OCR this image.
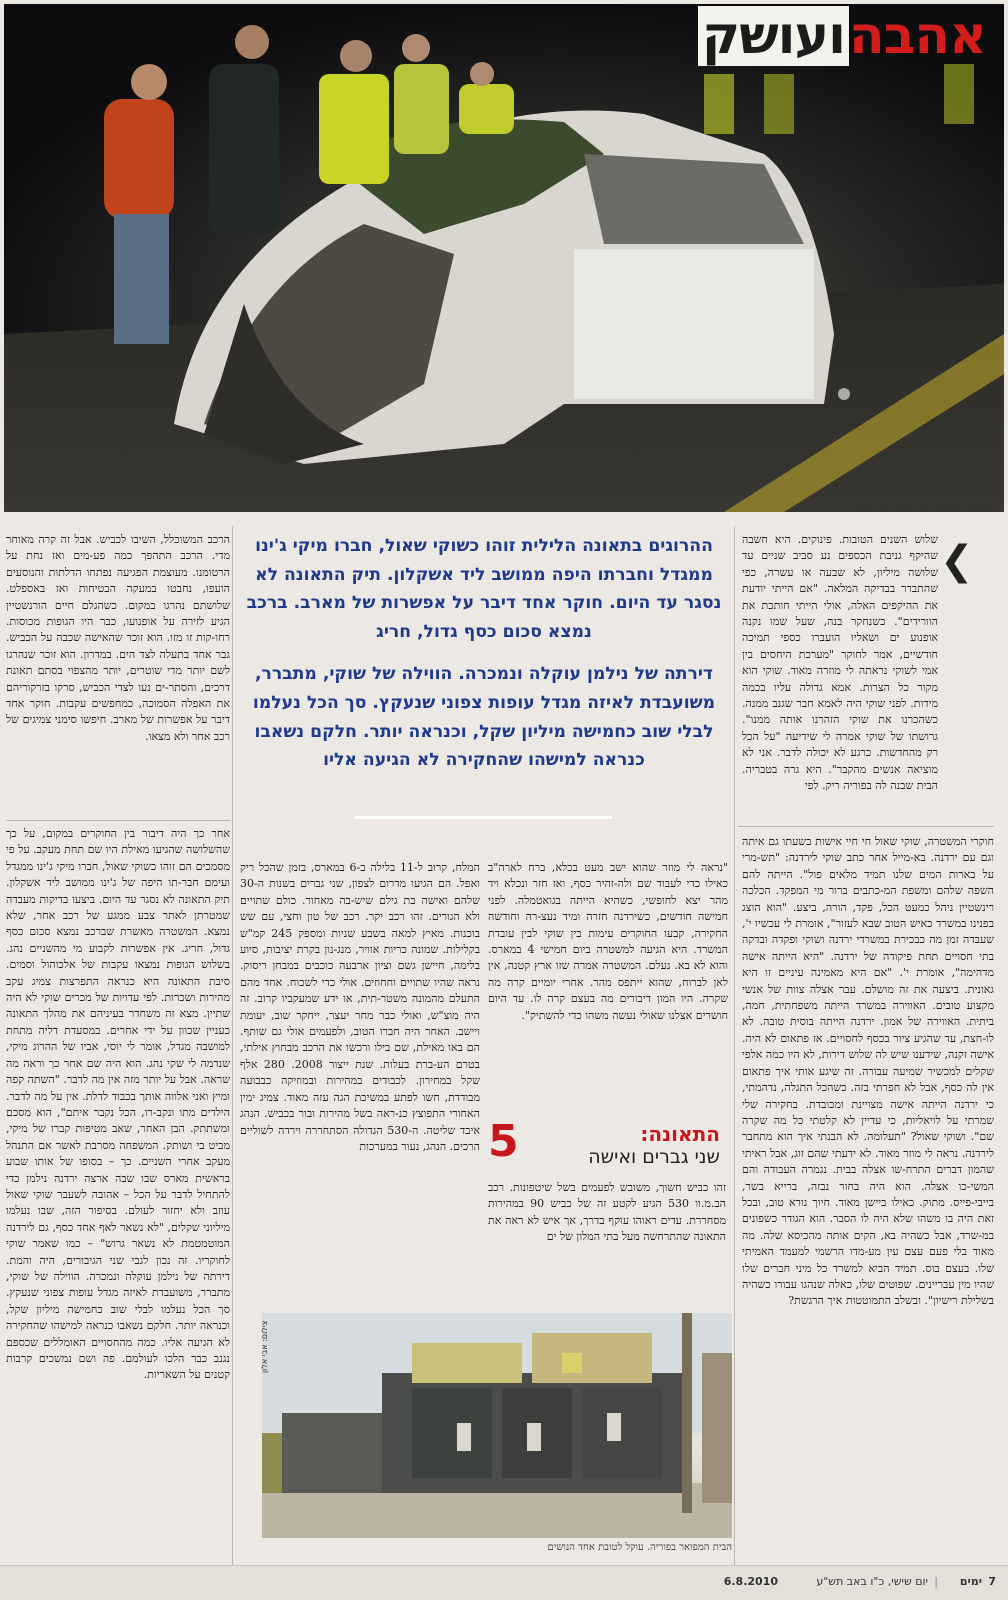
אהבהועושק
התאונה בדרום. על כביש בודד וחשוך
❮

שלוש השנים הטובות. פינוקים. היא חשבה שהיקף גניבת הכספים נע סביב שניים עד שלושה מיליון, לא שבעה או עשרה, כפי שהתברר בבדיקה המלאה. "אם הייתי יודעת את ההיקפים האלה, אולי הייתי חותכת את הוורידים". כשנחקר בנה, שעל שמו נקנה אופנוע ים ושאליו הועברו כספי תמיכה חודשיים, אמר לחוקר "מערכת היחסים בין אמי לשוקי נראתה לי מוזרה מאוד. שוקי הוא מקור כל הצרות. אמא גדולה עליו בכמה מידות. לפני שוקי היה לאמא חבר שגנב ממנה. כשהכרנו את שוקי הזהרנו אותה ממנו". גרושתו של שוקי אמרה לי שידיעה "על הכל רק מהחדשות. כרגע לא יכולה לדבר. אני לא מוציאה אנשים מהקבר". היא גרה בטבריה. הבית שבנה לה בפוריה ריק. לפי

חוקרי המשטרה, שוקי שאול חי חיי אישות בשעתו גם איתה וגם עם ירדנה. בא-מייל אחר כתב שוקי לירדנה: "תש-מרי על בארות המים שלנו תמיד מלאים פול". הייתה להם השפה שלהם ומשפת המ-כתבים ברור מי המפקד. הכלכה רינשטיין ניהל כמעט הכל, פקד, הורה, ביצע. "הוא הוצג בפנינו במשרד כאיש הטוב שבא לעזור", אומרת לי עכשיו י', שעבדה זמן מה כבכירת במשרדי ירדנה ושוקי ופקדה ובדקה בתי חסויים תחת פיקודה של ירדנה. "היא הייתה אישה מדהימה", אומרת י'. "אם היא מאמינה עיניים זו היא גאונית. ביצעה את זה מושלם. עבר אצלה צוות של אנשי מקצוע טובים. האווירה במשרד הייתה משפחתית, חמה, ביתית. האווירה של אמון. ירדנה הייתה בוסית טובה. לא לו-חצת, עד שהגיע ציור בכסף לחסויים. אז פתאום לא היה. אישה זקנה, שידענו שיש לה שלוש דירות, לא היו כמה אלפי שקלים למכשיר שמיעה עבורה. זה שיגע אותי איך פתאום אין לה כסף, אבל לא חפרתי בזה. כשהכל התגלה, נדהמתי, כי ירדנה הייתה אישה מצויינת ומכובדת. בחקירה שלי שמרתי על לויאליות, כי עדיין לא קלטתי כל מה שקרה שם". ושוקי שאול? "תעלומה. לא הבנתי איך הוא מתחבר לירדנה. נראה לי מוזר מאוד. לא ידעתי שהם זוג, אבל ראיתי שהמון דברים התרח-שו אצלה בבית. נגמרה העבודה והם המשי-כו אצלה. הוא היה בחור נבזה, ברייא בשר, בייבי-פייס. מתוק. כאילו ביישן מאוד. חיוך נורא טוב, ובכל זאת היה בו משהו שלא היה לו הסבר. הוא הגודר כשפונים במ-שרד, אבל כשהיה בא, הקים אותה מהכיסא שלה. מה מאוד בלי פעם עצם עין מע-מדו הרשמי למעמד האמיתי שלו. בעצם בוס. תמיד הביא למשרד כל מיני חברים שלו שהיו מין עבריינים. שפוטים שלו, כאלה שנהגו עבורו כשהיה בשלילת רישיון". ובשלב התמוטטות איך הרגשת?

ההרוגים בתאונה הלילית זוהו כשוקי שאול, חברו מיקי ג'ינו ממגדל וחברתו היפה ממושב ליד אשקלון. תיק התאונה לא נסגר עד היום. חוקר אחד דיבר על אפשרות של מארב. ברכב נמצא סכום כסף גדול, חריג

דירתה של נילמן עוקלה ונמכרה. הווילה של שוקי, מתברר, משועבדת לאיזה מגדל עופות צפוני שנעקץ. סך הכל נעלמו לבלי שוב כחמישה מיליון שקל, וכנראה יותר. חלקם נשאבו כנראה למישהו שהחקירה לא הגיעה אליו

הרכב המשוכלל, השיבו לכביש. אבל זה קרה מאוחר מדי. הרכב התהפך כמה פע-מים ואז נחת על הרטומנו. מעוצמת הפגיעה נפתחו הדלתות והנוסעים הועפו, נחבטו במעקה הבטיחות ואז באספלט. שלושתם נהרגו במקום. כשהגלם חיים הורנשטיין הגיע לזירה על אופנועו, כבר היו הגופות מכוסות. רחו-קות זו מזו. הוא זוכר שהאישה שכבה על הכביש. גבר אחד בתעלה לצד הים. במדרון. הוא זוכר שנהרגו לשם יותר מדי שוטרים, יותר מהצפוי בסתם תאונת דרכים, והסתר-ים נעו לצדי הכביש, סרקו בזרקוריהם את האפלה הסמוכה, כמחפשים עקבות. חוקר אחד דיבר על אפשרות של מארב. חיפשו סימני צמיגים של רכב אחר ולא מצאו.

אחר כך היה דיבור בין החוקרים במקום, על כך שהשלושה שהגיעו מאילת היו שם תחת מעקב. על פי מסמכים הם זוהו כשוקי שאול, חברו מיקי ג'ינו ממגדל ועימם חבר-תו היפה של ג'ינו ממושב ליד אשקלון. תיק התאונה לא נסגר עד היום. ביצעו בדיקות מעבדה שמטרתן לאתר צבע ממגע של רכב אחר, שלא נמצא. המשטרה מאשרת שברכב נמצא סכום כסף גדול, חריג. אין אפשרות לקבוע מי מהשניים נהג. בשלוש הגופות נמצאו עקבות של אלכוהול וסמים. סיבת התאונה היא כנראה התפרצות צמיג עקב מהירות ושכרות. לפי עדויות של מכרים שוקי לא היה שתיין. מצא זה משחדר בעיניהם את מהלך התאונה כעניין שכוון על ידי אחרים. במסעדת דליה מתחת למושבה מגדל, אומר לי יוסי, אביו של ההרוג מיקי, שנדמה לי שקי נהג. הוא היה שם אחר כך וראה מה שראה. אבל על יותר מזה אין מה לדבר. "השתה קפה ומיץ ואני אלווה אותך בכבוד לדלת. אין על מה לדבר. הילדים מתו ונקב-רו, הכל נקבר איתם", הוא מסכם ומשתתק. הבן האחר, שאב מטיפות קברו של מיקי, מביט בי ושותק. המשפחה מסרבת לאשר אם התנהל מעקב אחרי השניים. כך – בסופו של אותו שבוע בראשית מארס שבו שבה ארצה ירדנה נילמן כדי להתחיל לדבר על הכל – אהובה לשעבר שוקי שאול עוזב ולא יחזור לעולם. בסיפור הזה, שבו נעלמו מיליוני שקלים, "לא נשאר לאף אחד כסף, גם לירדנה המוטמטמת לא נשאר גרוש" – כמו שאמר שוקי לחוקריו. זה נכון לגבי שני הגיבורים, היה והמת. דירתה של נילמן עוקלה ונמכרה. הווילה של שוקי, מתברר, משועבדת לאיזה מגדל עופות צפוני שנעקץ. סך הכל נעלמו לבלי שוב כחמישה מיליון שקל, וכנראה יותר. חלקם נשאבו כנראה למישהו שהחקירה לא הגיעה אליו. כמה מהחסויים האומללים שכספם נגנב כבר הלכו לעולמם. פה ושם נמשכים קרבות קטנים על השאריות.

"נראה לי מוזר שהוא ישב מעט בכלא, ברח לארה"ב כאילו כדי לעבוד שם ולה-זהיר כסף, ואז חזר ונכלא ויד מהר יצא לחופשי, כשהיא הייתה בגואטמלה. לפני חמישה חודשים, כשירדנה חזרה ומיד נעצ-רה וחודשה החקירה, קבעו החוקרים עימות בין שוקי לבין עובדת המשרד. היא הגיעה למשטרה ביום חמישי 4 במארס. והוא לא בא. נעלם. המשטרה אמרה שזו ארץ קטנה, אין לאן לברוח, שהוא ייתפס מהר. אחרי יומיים קרה מה שקרה. היו המון דיבורים מה בעצם קרה לו. עד היום חושרים אצלנו שאולי נעשה משהו כדי להשתיק".

המלח, קרוב ל-11 בלילה ב-6 במארס, בזמן שהכל ריק ואפל. הם הגיעו מדרום לצפון, שני גברים בשנות ה-30 שלהם ואישה בת גילם שיש-בה מאחור. כולם שתויים ולא הגורים. זהו רכב יקר. רכב של טון וחצי, עם שש בוכנות. מאיץ למאה בשבע שניות ומספק 245 קמ"ש בקלילות. שמונה כריות אוויר, מנג-נון בקרת יציבות, סיוע בלימה, חיישן גשם וציון ארבעה כוכבים במבחן ריסוק. נראה שהיו שתויים וחחוזים. אולי כדי לשכוח. אחד מהם התעלם מהמונה משטר-תית, או ידע שמעקביו קרוב. זה היה מוצ"ש, ואולי כבר מחר יעצר, ייחקר שוב, יעומת ויישב. האחר היה חברו הטוב, ולפעמים אולי גם שותף. הם באו מאילת, שם בילו ורכשו את הרכב מבחוץ אילתי, בטרם הע-ברת בעלות. שנת ייצור 2008. 280 אלף שקל במחירון. לכבודים במהירות ובמוזיקה כבבועה מבודדת, חשו לפתע במשיכת הגה עזה מאוד. צמיג ימין האחורי התפוצץ כנ-ראה בשל מהירות ובור בכביש. הנהג איבד שליטה. ה-530 הגדולה הסתחררה וירדה לשוליים הרכים. הנהג, נעור במערכות 5	התאונה:
שני גברים ואישה

זהו כביש חשוך, משובש לפעמים בשל שיטפונות. רכב הב.מ.וו 530 הגיע לקטע זה של כביש 90 במהירות מסחררת. עדים ראוהו עוקף בדרך, אך איש לא ראה את התאונה שהתרחשה מעל בתי המלון של ים

צילום: אבי אלון
הבית המפואר בפוריה. עוקל לטובת אחד הנושים
7
ימים
|
יום שישי, כ"ו באב תש"ע
6.8.2010
